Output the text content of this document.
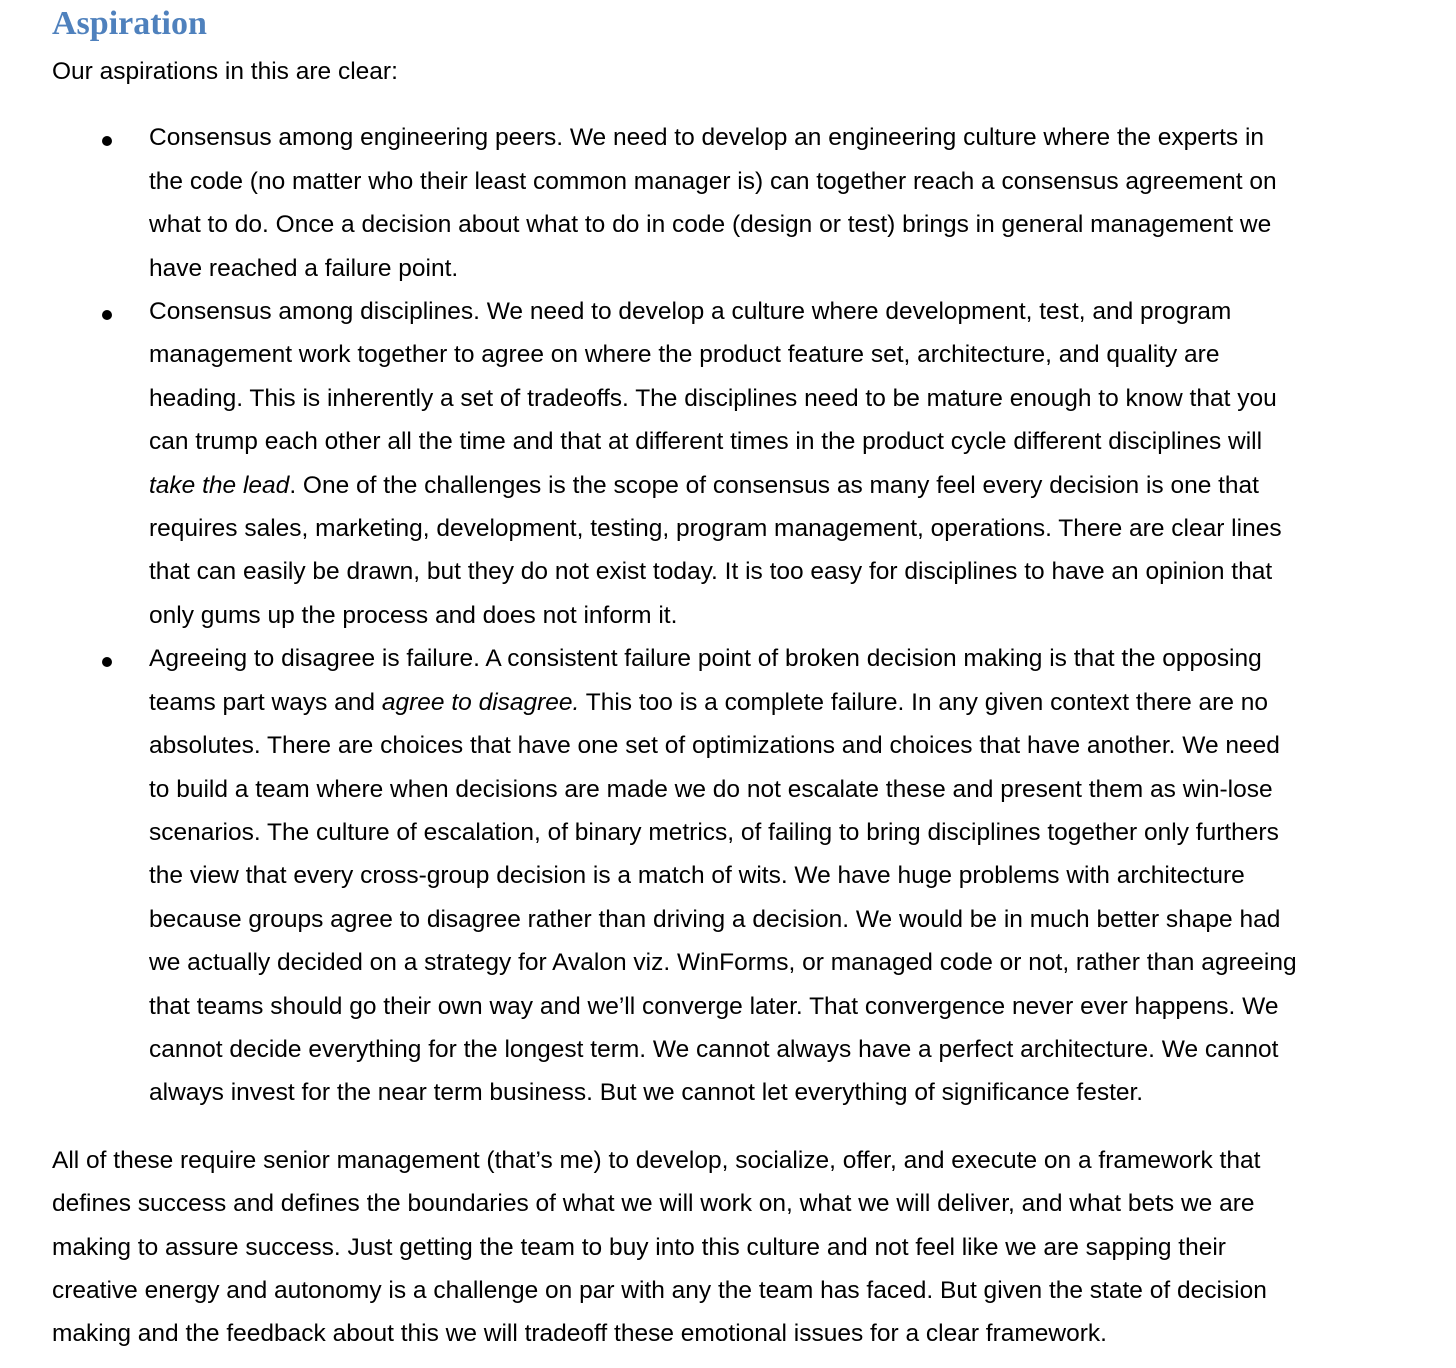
Aspiration

Our aspirations in this are clear:

Consensus among engineering peers. We need to develop an engineering culture where the experts in
the code (no matter who their least common manager is) can together reach a consensus agreement on
what to do. Once a decision about what to do in code (design or test) brings in general management we
have reached a failure point.
Consensus among disciplines. We need to develop a culture where development, test, and program
management work together to agree on where the product feature set, architecture, and quality are
heading. This is inherently a set of tradeoffs. The disciplines need to be mature enough to know that you
can trump each other all the time and that at different times in the product cycle different disciplines will
take the lead. One of the challenges is the scope of consensus as many feel every decision is one that
requires sales, marketing, development, testing, program management, operations. There are clear lines
that can easily be drawn, but they do not exist today. It is too easy for disciplines to have an opinion that
only gums up the process and does not inform it.
Agreeing to disagree is failure. A consistent failure point of broken decision making is that the opposing
teams part ways and agree to disagree. This too is a complete failure. In any given context there are no
absolutes. There are choices that have one set of optimizations and choices that have another. We need
to build a team where when decisions are made we do not escalate these and present them as win-lose
scenarios. The culture of escalation, of binary metrics, of failing to bring disciplines together only furthers
the view that every cross-group decision is a match of wits. We have huge problems with architecture
because groups agree to disagree rather than driving a decision. We would be in much better shape had
we actually decided on a strategy for Avalon viz. WinForms, or managed code or not, rather than agreeing
that teams should go their own way and we’ll converge later. That convergence never ever happens. We
cannot decide everything for the longest term. We cannot always have a perfect architecture. We cannot
always invest for the near term business. But we cannot let everything of significance fester.
All of these require senior management (that’s me) to develop, socialize, offer, and execute on a framework that
defines success and defines the boundaries of what we will work on, what we will deliver, and what bets we are
making to assure success. Just getting the team to buy into this culture and not feel like we are sapping their
creative energy and autonomy is a challenge on par with any the team has faced. But given the state of decision
making and the feedback about this we will tradeoff these emotional issues for a clear framework.
